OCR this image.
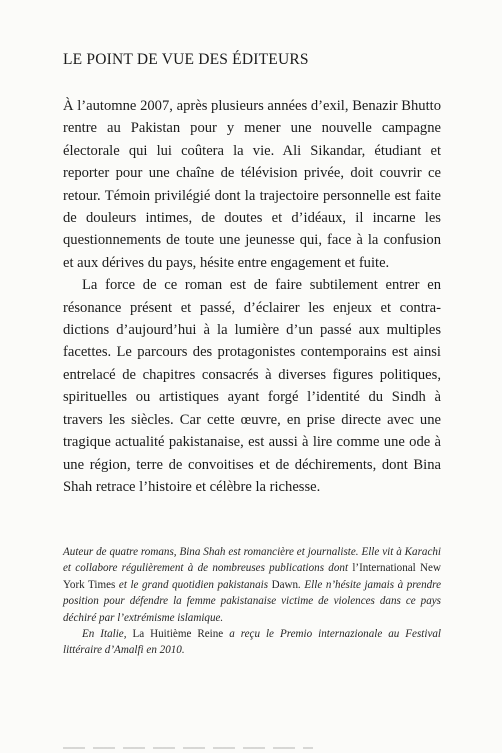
LE POINT DE VUE DES ÉDITEURS

À l’automne 2007, après plusieurs années d’exil, Benazir Bhutto rentre au Pakistan pour y mener une nouvelle campagne électorale qui lui coûtera la vie. Ali Sikandar, étudiant et reporter pour une chaîne de télévision privée, doit couvrir ce retour. Témoin privilégié dont la trajectoire personnelle est faite de douleurs intimes, de doutes et d’idéaux, il incarne les questionnements de toute une jeunesse qui, face à la confusion et aux dérives du pays, hésite entre engagement et fuite.

La force de ce roman est de faire subtilement entrer en résonance présent et passé, d’éclairer les enjeux et contradictions d’aujourd’hui à la lumière d’un passé aux multiples facettes. Le parcours des protagonistes contemporains est ainsi entrelacé de chapitres consacrés à diverses figures politiques, spirituelles ou artistiques ayant forgé l’identité du Sindh à travers les siècles. Car cette œuvre, en prise directe avec une tragique actualité pakistanaise, est aussi à lire comme une ode à une région, terre de convoitises et de déchirements, dont Bina Shah retrace l’histoire et célèbre la richesse.

Auteur de quatre romans, Bina Shah est romancière et journaliste. Elle vit à Karachi et collabore régulièrement à de nombreuses publications dont l’International New York Times et le grand quotidien pakistanais Dawn. Elle n’hésite jamais à prendre position pour défendre la femme pakistanaise victime de violences dans ce pays déchiré par l’extrémisme islamique.

En Italie, La Huitième Reine a reçu le Premio internazionale au Festival littéraire d’Amalfi en 2010.
